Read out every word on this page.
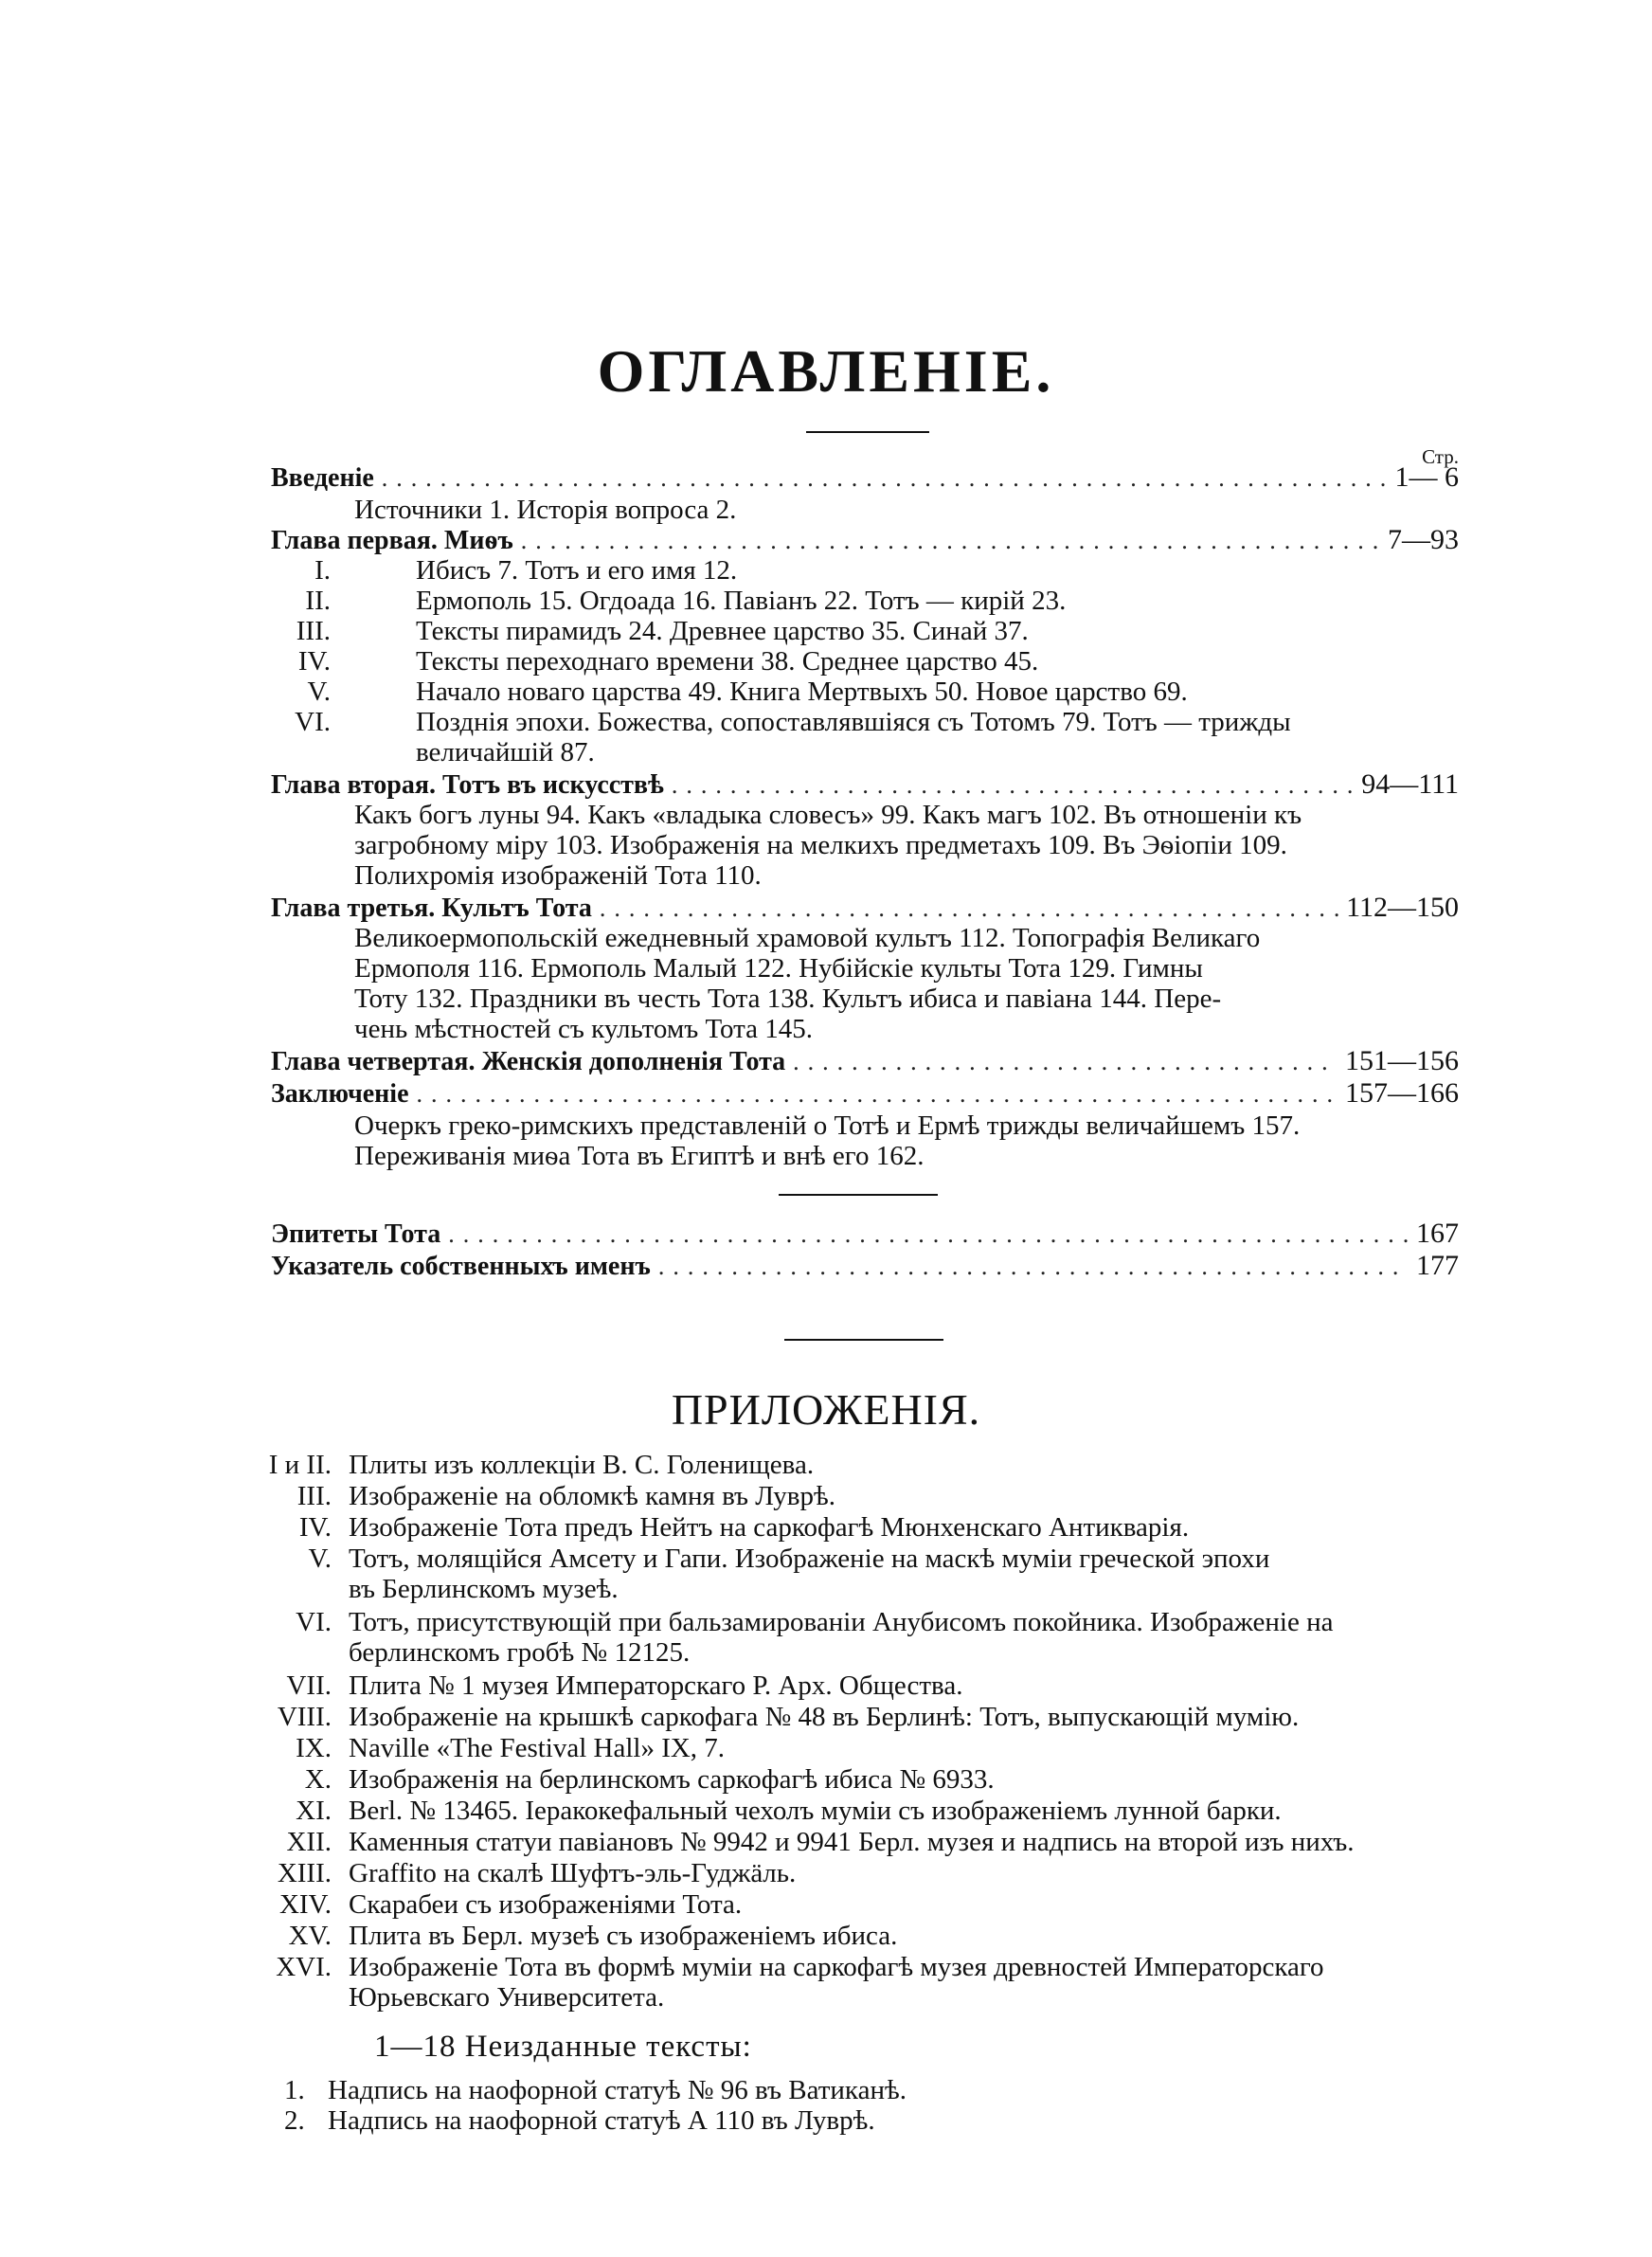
ОГЛАВЛЕНІЕ.
Стр.
Введеніе .....	1— 6
Источники 1. Исторія вопроса 2.
Глава первая. Миѳъ .....	7—93
I.	Ибисъ 7. Тотъ и его имя 12.
II.	Ермополь 15. Огдоада 16. Павіанъ 22. Тотъ — кирій 23.
III.	Тексты пирамидъ 24. Древнее царство 35. Синай 37.
IV.	Тексты переходнаго времени 38. Среднее царство 45.
V.	Начало новаго царства 49. Книга Мертвыхъ 50. Новое царство 69.
VI.	Позднія эпохи. Божества, сопоставлявшіяся съ Тотомъ 79. Тотъ — трижды
величайшій 87.
Глава вторая. Тотъ въ искусствѣ .....	94—111
Какъ богъ луны 94. Какъ «владыка словесъ» 99. Какъ магъ 102. Въ отношеніи къ
загробному міру 103. Изображенія на мелкихъ предметахъ 109. Въ Эѳіопіи 109.
Полихромія изображеній Тота 110.
Глава третья. Культъ Тота .....	112—150
Великоермопольскій ежедневный храмовой культъ 112. Топографія Великаго
Ермополя 116. Ермополь Малый 122. Нубійскіе культы Тота 129. Гимны
Тоту 132. Праздники въ честь Тота 138. Культъ ибиса и павіана 144. Пере-
чень мѣстностей съ культомъ Тота 145.
Глава четвертая. Женскія дополненія Тота .....	151—156
Заключеніе .....	157—166
Очеркъ греко-римскихъ представленій о Тотѣ и Ермѣ трижды величайшемъ 157.
Переживанія миѳа Тота въ Египтѣ и внѣ его 162.
Эпитеты Тота .....	167
Указатель собственныхъ именъ .....	177
ПРИЛОЖЕНІЯ.
I и II. Плиты изъ коллекціи В. С. Голенищева.
III. Изображеніе на обломкѣ камня въ Луврѣ.
IV. Изображеніе Тота предъ Нейтъ на саркофагѣ Мюнхенскаго Антикварія.
V. Тотъ, молящійся Амсету и Гапи. Изображеніе на маскѣ муміи греческой эпохи
въ Берлинскомъ музеѣ.
VI. Тотъ, присутствующій при бальзамированіи Анубисомъ покойника. Изображеніе на
берлинскомъ гробѣ № 12125.
VII. Плита № 1 музея Императорскаго Р. Арх. Общества.
VIII. Изображеніе на крышкѣ саркофага № 48 въ Берлинѣ: Тотъ, выпускающій мумію.
IX. Naville «The Festival Hall» IX, 7.
X. Изображенія на берлинскомъ саркофагѣ ибиса № 6933.
XI. Berl. № 13465. Іеракокефальный чехолъ муміи съ изображеніемъ лунной барки.
XII. Каменныя статуи павіановъ № 9942 и 9941 Берл. музея и надпись на второй изъ нихъ.
XIII. Graffito на скалѣ Шуфтъ-эль-Гуджäль.
XIV. Скарабеи съ изображеніями Тота.
XV. Плита въ Берл. музеѣ съ изображеніемъ ибиса.
XVI. Изображеніе Тота въ формѣ муміи на саркофагѣ музея древностей Императорскаго
Юрьевскаго Университета.
1—18 Неизданные тексты:
1. Надпись на наофорной статуѣ № 96 въ Ватиканѣ.
2. Надпись на наофорной статуѣ А 110 въ Луврѣ.
